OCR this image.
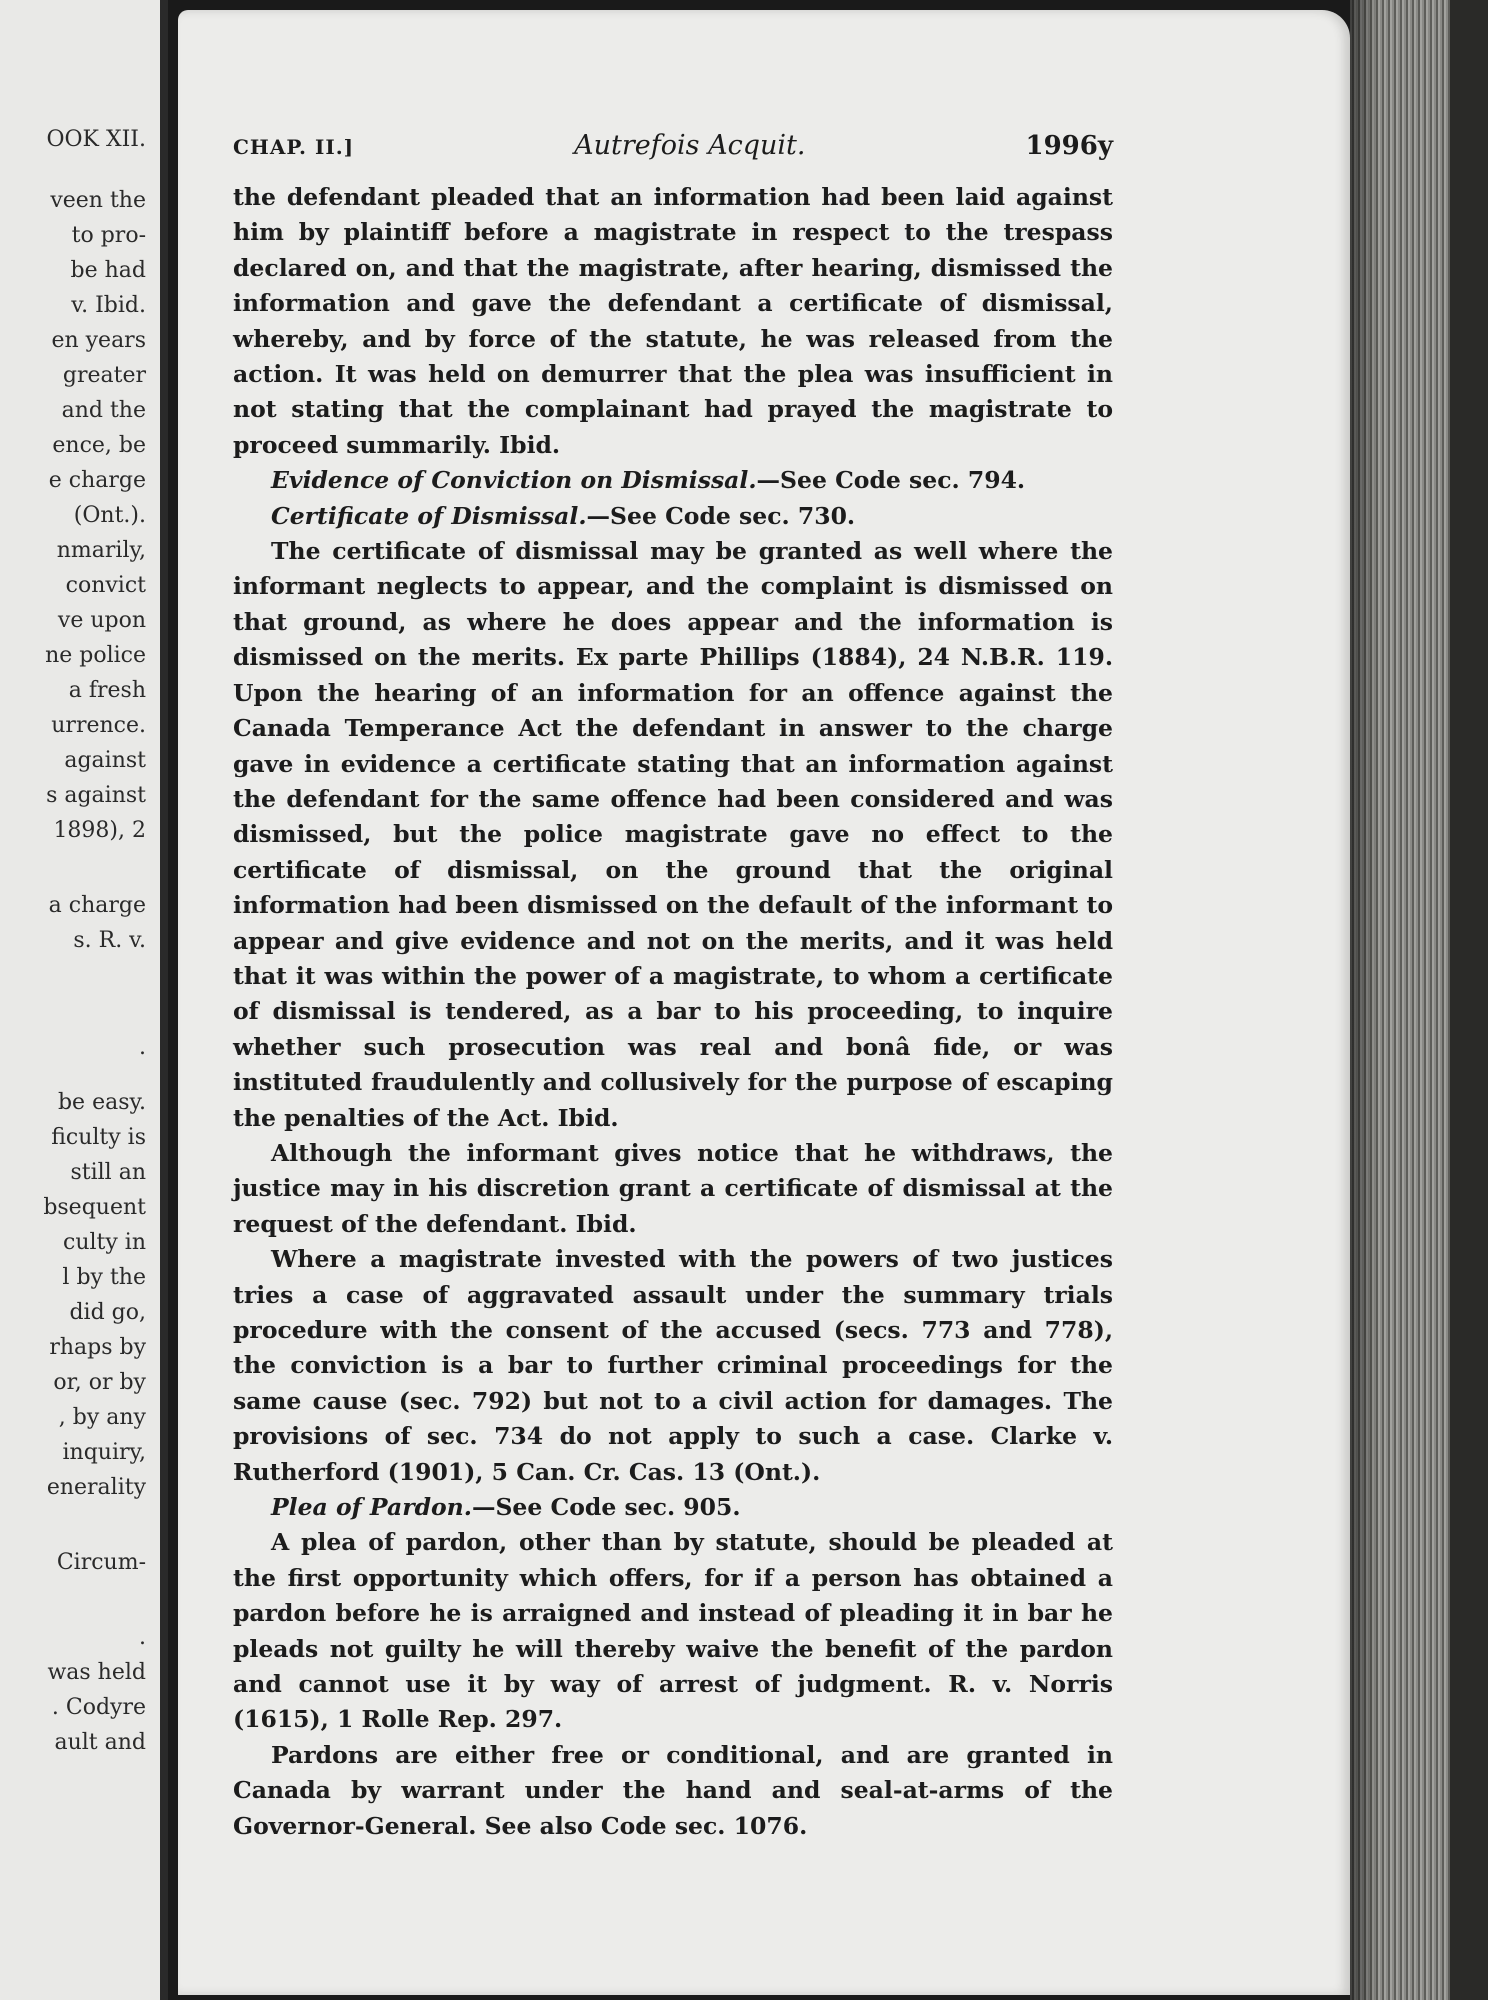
OOK XII.
veen the
to pro-
be had
v. Ibid.
en years
greater
and the
ence, be
e charge
(Ont.).
nmarily,
convict
ve upon
ne police
a fresh
urrence.
against
s against
1898), 2
a charge
s. R. v.
.
be easy.
ficulty is
still an
bsequent
culty in
l by the
did go,
rhaps by
or, or by
, by any
inquiry,
enerality
Circum-
.
was held
. Codyre
ault and
CHAP. II.]	Autrefois Acquit.	1996y

the defendant pleaded that an information had been laid against him by plaintiff before a magistrate in respect to the trespass declared on, and that the magistrate, after hearing, dismissed the information and gave the defendant a certificate of dismissal, whereby, and by force of the statute, he was released from the action. It was held on demurrer that the plea was insufficient in not stating that the complainant had prayed the magistrate to proceed summarily. Ibid.

Evidence of Conviction on Dismissal.—See Code sec. 794.

Certificate of Dismissal.—See Code sec. 730.

The certificate of dismissal may be granted as well where the informant neglects to appear, and the complaint is dismissed on that ground, as where he does appear and the information is dismissed on the merits. Ex parte Phillips (1884), 24 N.B.R. 119. Upon the hearing of an information for an offence against the Canada Temperance Act the defendant in answer to the charge gave in evidence a certificate stating that an information against the defendant for the same offence had been considered and was dismissed, but the police magistrate gave no effect to the certificate of dismissal, on the ground that the original information had been dismissed on the default of the informant to appear and give evidence and not on the merits, and it was held that it was within the power of a magistrate, to whom a certificate of dismissal is tendered, as a bar to his proceeding, to inquire whether such prosecution was real and bonâ fide, or was instituted fraudulently and collusively for the purpose of escaping the penalties of the Act. Ibid.

Although the informant gives notice that he withdraws, the justice may in his discretion grant a certificate of dismissal at the request of the defendant. Ibid.

Where a magistrate invested with the powers of two justices tries a case of aggravated assault under the summary trials procedure with the consent of the accused (secs. 773 and 778), the conviction is a bar to further criminal proceedings for the same cause (sec. 792) but not to a civil action for damages. The provisions of sec. 734 do not apply to such a case. Clarke v. Rutherford (1901), 5 Can. Cr. Cas. 13 (Ont.).

Plea of Pardon.—See Code sec. 905.

A plea of pardon, other than by statute, should be pleaded at the first opportunity which offers, for if a person has obtained a pardon before he is arraigned and instead of pleading it in bar he pleads not guilty he will thereby waive the benefit of the pardon and cannot use it by way of arrest of judgment. R. v. Norris (1615), 1 Rolle Rep. 297.

Pardons are either free or conditional, and are granted in Canada by warrant under the hand and seal-at-arms of the Governor-General. See also Code sec. 1076.
